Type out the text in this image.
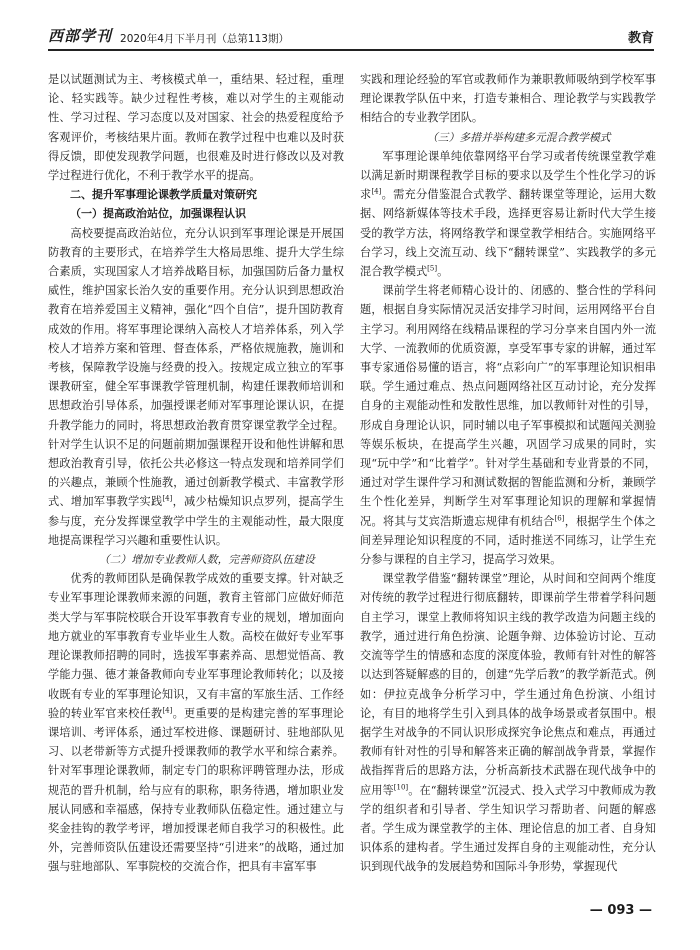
西部学刊 2020年4月下半月刊（总第113期）	教育

是以试题测试为主、考核模式单一，重结果、轻过程，重理论、轻实践等。缺少过程性考核，难以对学生的主观能动性、学习过程、学习态度以及对国家、社会的热爱程度给予客观评价，考核结果片面。教师在教学过程中也难以及时获得反馈，即使发现教学问题，也很难及时进行修改以及对教学过程进行优化，不利于教学水平的提高。

二、提升军事理论课教学质量对策研究

（一）提高政治站位，加强课程认识

高校要提高政治站位，充分认识到军事理论课是开展国防教育的主要形式，在培养学生大格局思维、提升大学生综合素质，实现国家人才培养战略目标，加强国防后备力量权威性，维护国家长治久安的重要作用。充分认识到思想政治教育在培养爱国主义精神，强化“四个自信”，提升国防教育成效的作用。将军事理论课纳入高校人才培养体系，列入学校人才培养方案和管理、督查体系，严格依规施教，施训和考核，保障教学设施与经费的投入。按规定成立独立的军事课教研室，健全军事课教学管理机制，构建任课教师培训和思想政治引导体系，加强授课老师对军事理论课认识，在提升教学能力的同时，将思想政治教育贯穿课堂教学全过程。针对学生认识不足的问题前期加强课程开设和他性讲解和思想政治教育引导，依托公共必修这一特点发现和培养同学们的兴趣点，兼顾个性施教，通过创新教学模式、丰富教学形式、增加军事教学实践[4]，减少枯燥知识点罗列，提高学生参与度，充分发挥课堂教学中学生的主观能动性，最大限度地提高课程学习兴趣和重要性认识。

（二）增加专业教师人数，完善师资队伍建设

优秀的教师团队是确保教学成效的重要支撑。针对缺乏专业军事理论课教师来源的问题，教育主管部门应做好师范类大学与军事院校联合开设军事教育专业的规划，增加面向地方就业的军事教育专业毕业生人数。高校在做好专业军事理论课教师招聘的同时，选拔军事素养高、思想觉悟高、教学能力强、德才兼备教师向专业军事理论教师转化；以及接收既有专业的军事理论知识，又有丰富的军旅生活、工作经验的转业军官来校任教[4]。更重要的是构建完善的军事理论课培训、考评体系，通过军校进修、课题研讨、驻地部队见习、以老带新等方式提升授课教师的教学水平和综合素养。针对军事理论课教师，制定专门的职称评聘管理办法，形成规范的晋升机制，给与应有的职称，职务待遇，增加职业发展认同感和幸福感，保持专业教师队伍稳定性。通过建立与奖金挂钩的教学考评，增加授课老师自我学习的积极性。此外，完善师资队伍建设还需要坚持“引进来”的战略，通过加强与驻地部队、军事院校的交流合作，把具有丰富军事

实践和理论经验的军官或教师作为兼职教师吸纳到学校军事理论课教学队伍中来，打造专兼相合、理论教学与实践教学相结合的专业教学团队。

（三）多措并举构建多元混合教学模式

军事理论课单纯依靠网络平台学习或者传统课堂教学难以满足新时期课程教学目标的要求以及学生个性化学习的诉求[4]。需充分借鉴混合式教学、翻转课堂等理论，运用大数据、网络新媒体等技术手段，选择更容易让新时代大学生接受的教学方法，将网络教学和课堂教学相结合。实施网络平台学习，线上交流互动、线下“翻转课堂”、实践教学的多元混合教学模式[5]。

课前学生将老师精心设计的、闭感的、整合性的学科问题，根据自身实际情况灵活安排学习时间，运用网络平台自主学习。利用网络在线精品课程的学习分享来自国内外一流大学、一流教师的优质资源，享受军事专家的讲解，通过军事专家通俗易懂的语言，将“点彩向广”的军事理论知识相串联。学生通过难点、热点问题网络社区互动讨论，充分发挥自身的主观能动性和发散性思维，加以教师针对性的引导，形成自身理论认识，同时辅以电子军事模拟和试题闯关测验等娱乐板块，在提高学生兴趣，巩固学习成果的同时，实现“玩中学”和“比着学”。针对学生基础和专业背景的不同，通过对学生课件学习和测试数据的智能监测和分析，兼顾学生个性化差异，判断学生对军事理论知识的理解和掌握情况。将其与艾宾浩斯遗忘规律有机结合[6]，根据学生个体之间差异理论知识程度的不同，适时推送不同练习，让学生充分参与课程的自主学习，提高学习效果。

课堂教学借鉴“翻转课堂”理论，从时间和空间两个维度对传统的教学过程进行彻底翻转，即课前学生带着学科问题自主学习，课堂上教师将知识主线的教学改造为问题主线的教学，通过进行角色扮演、论题争辩、边体验访讨论、互动交流等学生的情感和态度的深度体验，教师有针对性的解答以达到答疑解惑的目的，创建“先学后教”的教学新范式。例如：伊拉克战争分析学习中，学生通过角色扮演、小组讨论，有目的地将学生引入到具体的战争场景或者氛围中。根据学生对战争的不同认识形成探究争论焦点和难点，再通过教师有针对性的引导和解答来正确的解剖战争背景，掌握作战指挥背后的思路方法，分析高新技术武器在现代战争中的应用等[10]。在“翻转课堂”沉浸式、投入式学习中教师成为教学的组织者和引导者、学生知识学习帮助者、问题的解惑者。学生成为课堂教学的主体、理论信息的加工者、自身知识体系的建构者。学生通过发挥自身的主观能动性，充分认识到现代战争的发展趋势和国际斗争形势，掌握现代

— 093 —
